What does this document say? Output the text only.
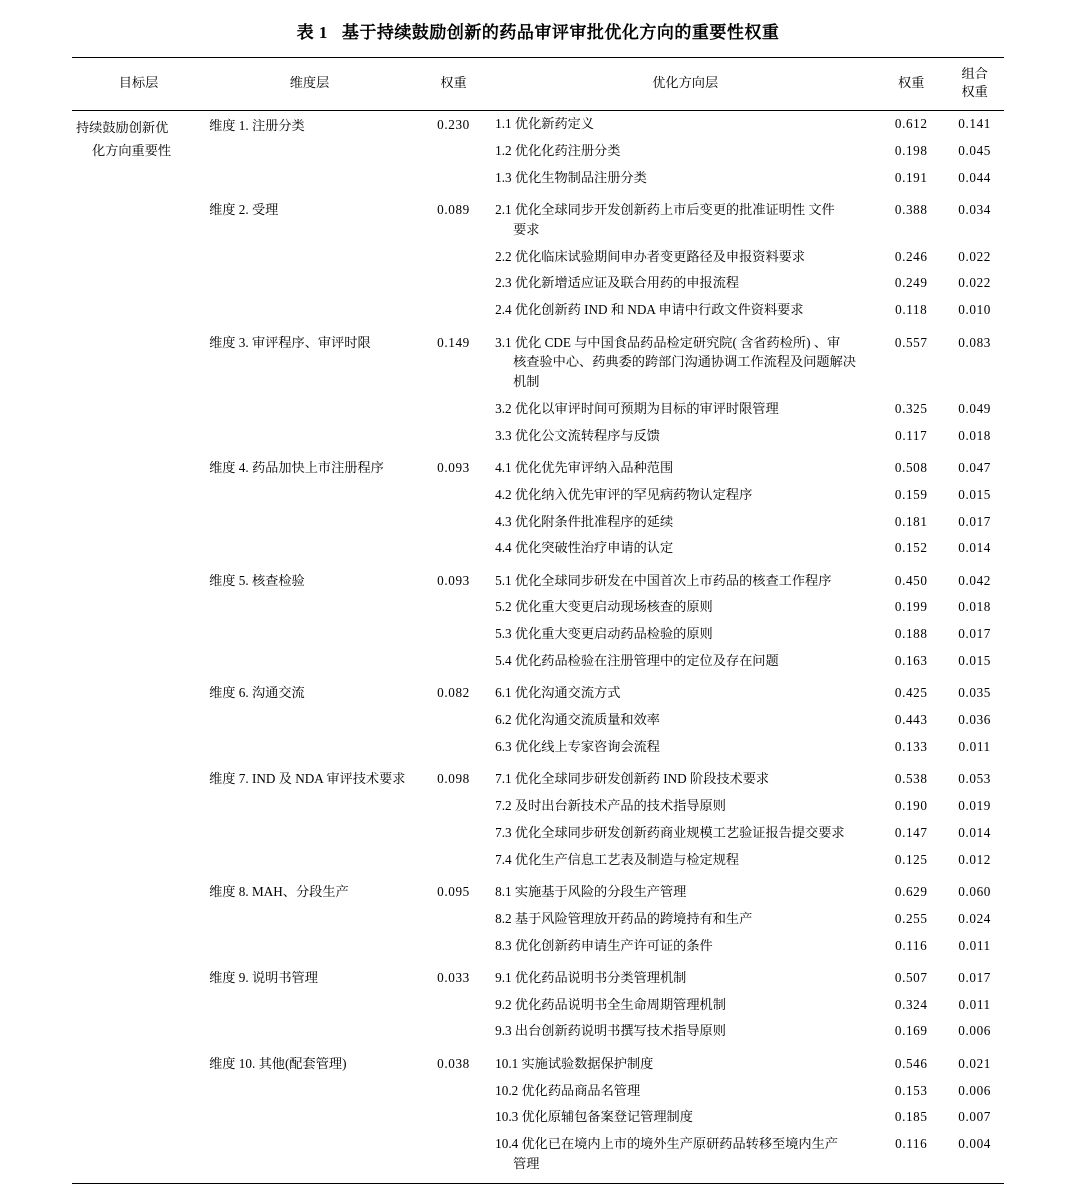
表 1 基于持续鼓励创新的药品审评审批优化方向的重要性权重
目标层	维度层	权重	优化方向层	权重	组合
权重
持续鼓励创新优
化方向重要性	维度 1. 注册分类	0.230	1.1 优化新药定义	0.612	0.141
			1.2 优化化药注册分类	0.198	0.045
			1.3 优化生物制品注册分类	0.191	0.044
	维度 2. 受理	0.089	2.1 优化全球同步开发创新药上市后变更的批准证明性 文件
要求	0.388	0.034
			2.2 优化临床试验期间申办者变更路径及申报资料要求	0.246	0.022
			2.3 优化新增适应证及联合用药的申报流程	0.249	0.022
			2.4 优化创新药 IND 和 NDA 申请中行政文件资料要求	0.118	0.010
	维度 3. 审评程序、审评时限	0.149	3.1 优化 CDE 与中国食品药品检定研究院( 含省药检所) 、审
核查验中心、药典委的跨部门沟通协调工作流程及问题解决
机制	0.557	0.083
			3.2 优化以审评时间可预期为目标的审评时限管理	0.325	0.049
			3.3 优化公文流转程序与反馈	0.117	0.018
	维度 4. 药品加快上市注册程序	0.093	4.1 优化优先审评纳入品种范围	0.508	0.047
			4.2 优化纳入优先审评的罕见病药物认定程序	0.159	0.015
			4.3 优化附条件批准程序的延续	0.181	0.017
			4.4 优化突破性治疗申请的认定	0.152	0.014
	维度 5. 核查检验	0.093	5.1 优化全球同步研发在中国首次上市药品的核查工作程序	0.450	0.042
			5.2 优化重大变更启动现场核查的原则	0.199	0.018
			5.3 优化重大变更启动药品检验的原则	0.188	0.017
			5.4 优化药品检验在注册管理中的定位及存在问题	0.163	0.015
	维度 6. 沟通交流	0.082	6.1 优化沟通交流方式	0.425	0.035
			6.2 优化沟通交流质量和效率	0.443	0.036
			6.3 优化线上专家咨询会流程	0.133	0.011
	维度 7. IND 及 NDA 审评技术要求	0.098	7.1 优化全球同步研发创新药 IND 阶段技术要求	0.538	0.053
			7.2 及时出台新技术产品的技术指导原则	0.190	0.019
			7.3 优化全球同步研发创新药商业规模工艺验证报告提交要求	0.147	0.014
			7.4 优化生产信息工艺表及制造与检定规程	0.125	0.012
	维度 8. MAH、分段生产	0.095	8.1 实施基于风险的分段生产管理	0.629	0.060
			8.2 基于风险管理放开药品的跨境持有和生产	0.255	0.024
			8.3 优化创新药申请生产许可证的条件	0.116	0.011
	维度 9. 说明书管理	0.033	9.1 优化药品说明书分类管理机制	0.507	0.017
			9.2 优化药品说明书全生命周期管理机制	0.324	0.011
			9.3 出台创新药说明书撰写技术指导原则	0.169	0.006
	维度 10. 其他(配套管理)	0.038	10.1 实施试验数据保护制度	0.546	0.021
			10.2 优化药品商品名管理	0.153	0.006
			10.3 优化原辅包备案登记管理制度	0.185	0.007
			10.4 优化已在境内上市的境外生产原研药品转移至境内生产
管理	0.116	0.004
